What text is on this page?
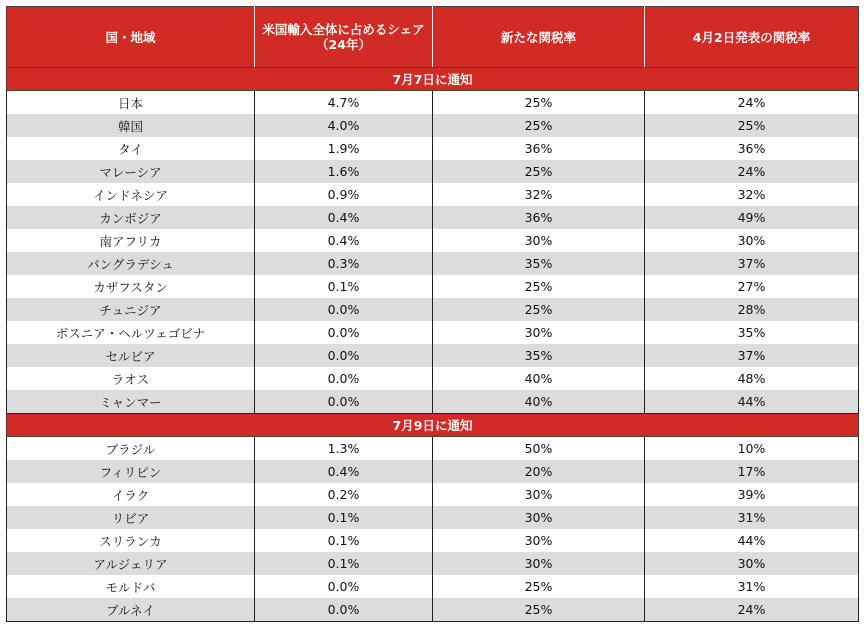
国・地域	米国輸入全体に占めるシェア（24年）	新たな関税率	4月2日発表の関税率
7月7日に通知			
日本	4.7%	25%	24%
韓国	4.0%	25%	25%
タイ	1.9%	36%	36%
マレーシア	1.6%	25%	24%
インドネシア	0.9%	32%	32%
カンボジア	0.4%	36%	49%
南アフリカ	0.4%	30%	30%
バングラデシュ	0.3%	35%	37%
カザフスタン	0.1%	25%	27%
チュニジア	0.0%	25%	28%
ボスニア・ヘルツェゴビナ	0.0%	30%	35%
セルビア	0.0%	35%	37%
ラオス	0.0%	40%	48%
ミャンマー	0.0%	40%	44%
7月9日に通知			
ブラジル	1.3%	50%	10%
フィリピン	0.4%	20%	17%
イラク	0.2%	30%	39%
リビア	0.1%	30%	31%
スリランカ	0.1%	30%	44%
アルジェリア	0.1%	30%	30%
モルドバ	0.0%	25%	31%
ブルネイ	0.0%	25%	24%
